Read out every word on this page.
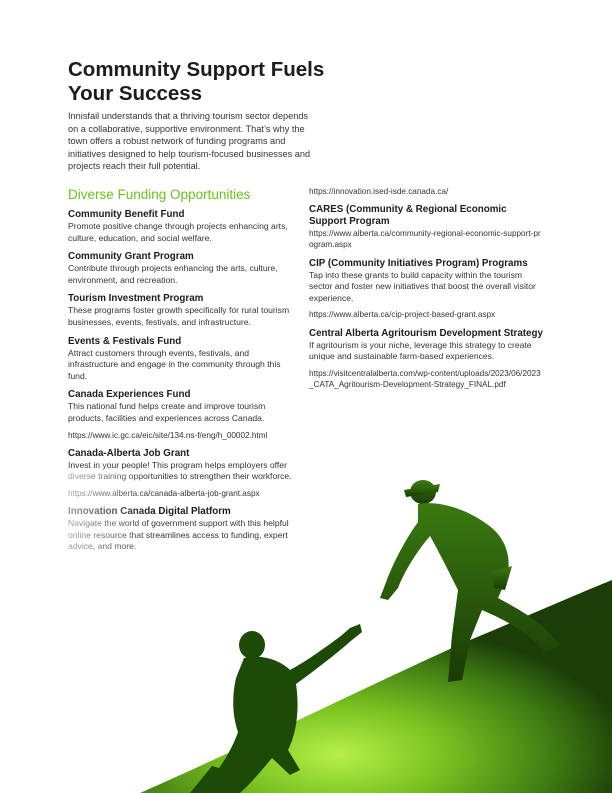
Community Support Fuels
Your Success

Innisfail understands that a thriving tourism sector depends on a collaborative, supportive environment. That’s why the town offers a robust network of funding programs and initiatives designed to help tourism-focused businesses and projects reach their full potential.

Diverse Funding Opportunities

Community Benefit Fund

Promote positive change through projects enhancing arts, culture, education, and social welfare.

Community Grant Program

Contribute through projects enhancing the arts, culture, environment, and recreation.

Tourism Investment Program

These programs foster growth specifically for rural tourism businesses, events, festivals, and infrastructure.

Events & Festivals Fund

Attract customers through events, festivals, and infrastructure and engage in the community through this fund.

Canada Experiences Fund

This national fund helps create and improve tourism products, facilities and experiences across Canada.

https://www.ic.gc.ca/eic/site/134.ns-f/eng/h_00002.html

Canada-Alberta Job Grant

Invest in your people! This program helps employers offer

https://innovation.ised-isde.canada.ca/

CARES (Community & Regional Economic Support Program

https://www.alberta.ca/community-regional-economic-support-program.aspx

CIP (Community Initiatives Program) Programs

Tap into these grants to build capacity within the tourism sector and foster new initiatives that boost the overall visitor experience.

https://www.alberta.ca/cip-project-based-grant.aspx

Central Alberta Agritourism Development Strategy

If agritourism is your niche, leverage this strategy to create unique and sustainable farm-based experiences.

https://visitcentralalberta.com/wp-content/uploads/2023/06/2023_CATA_Agritourism-Development-Strategy_FINAL.pdf
